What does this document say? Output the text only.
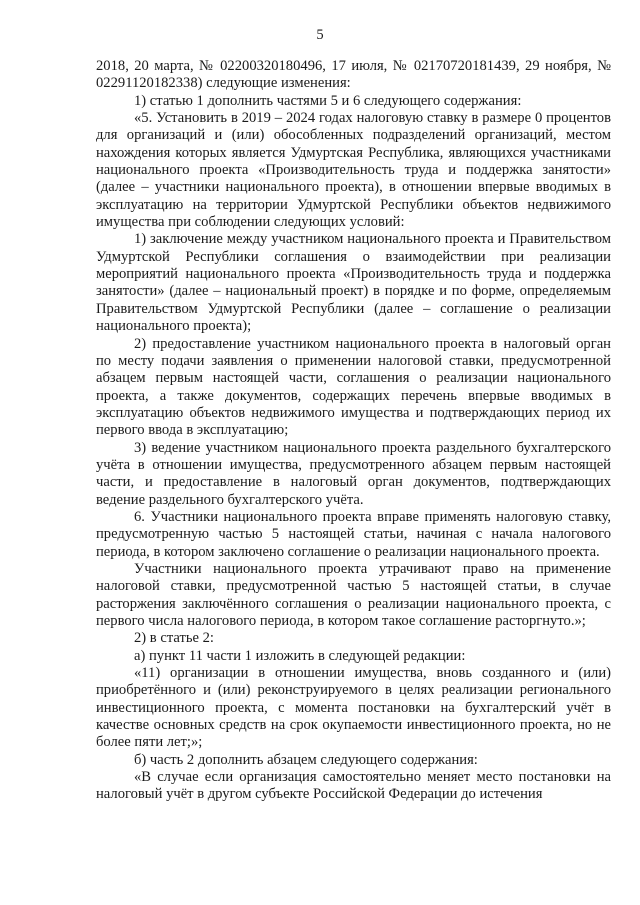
5

2018, 20 марта, № 02200320180496, 17 июля, № 02170720181439, 29 ноября, № 02291120182338) следующие изменения:

1) статью 1 дополнить частями 5 и 6 следующего содержания:

«5. Установить в 2019 – 2024 годах налоговую ставку в размере 0 процентов для организаций и (или) обособленных подразделений организаций, местом нахождения которых является Удмуртская Республика, являющихся участниками национального проекта «Производительность труда и поддержка занятости» (далее – участники национального проекта), в отношении впервые вводимых в эксплуатацию на территории Удмуртской Республики объектов недвижимого имущества при соблюдении следующих условий:

1) заключение между участником национального проекта и Правительством Удмуртской Республики соглашения о взаимодействии при реализации мероприятий национального проекта «Производительность труда и поддержка занятости» (далее – национальный проект) в порядке и по форме, определяемым Правительством Удмуртской Республики (далее – соглашение о реализации национального проекта);

2) предоставление участником национального проекта в налоговый орган по месту подачи заявления о применении налоговой ставки, предусмотренной абзацем первым настоящей части, соглашения о реализации национального проекта, а также документов, содержащих перечень впервые вводимых в эксплуатацию объектов недвижимого имущества и подтверждающих период их первого ввода в эксплуатацию;

3) ведение участником национального проекта раздельного бухгалтерского учёта в отношении имущества, предусмотренного абзацем первым настоящей части, и предоставление в налоговый орган документов, подтверждающих ведение раздельного бухгалтерского учёта.

6. Участники национального проекта вправе применять налоговую ставку, предусмотренную частью 5 настоящей статьи, начиная с начала налогового периода, в котором заключено соглашение о реализации национального проекта.

Участники национального проекта утрачивают право на применение налоговой ставки, предусмотренной частью 5 настоящей статьи, в случае расторжения заключённого соглашения о реализации национального проекта, с первого числа налогового периода, в котором такое соглашение расторгнуто.»;

2) в статье 2:

а) пункт 11 части 1 изложить в следующей редакции:

«11) организации в отношении имущества, вновь созданного и (или) приобретённого и (или) реконструируемого в целях реализации регионального инвестиционного проекта, с момента постановки на бухгалтерский учёт в качестве основных средств на срок окупаемости инвестиционного проекта, но не более пяти лет;»;

б) часть 2 дополнить абзацем следующего содержания:

«В случае если организация самостоятельно меняет место постановки на налоговый учёт в другом субъекте Российской Федерации до истечения
